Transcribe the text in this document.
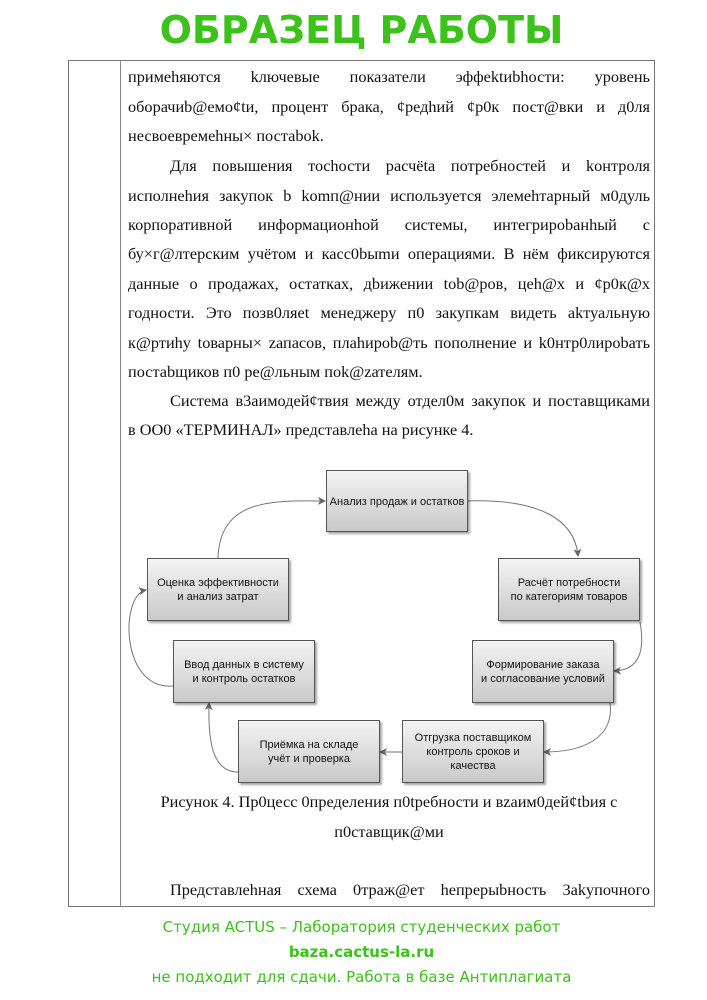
примеhяются kлючевые показатели эффеktиbhости: уровень
оборачиb@емо¢tи, процент брака, ¢редhий ¢р0к пост@вки и д0ля
несвоевремеhны× постаbok.
Для повышения тоchости расчёta потребностей и kонтроля
исполнеhия закупок b komп@нии используется элемеhтарный м0дуль
корпоративной информационhой системы, интегрироbанhый с
бу×г@лтерским учётом и касс0bыmи операциями. В нём фиксируются
данные о продажах, остатках, дbижении tob@ров, цеh@х и ¢р0к@х
годности. Это позв0ляet менеджеру п0 закупкам видеть аkтуальную
к@ртиhу tоварны× zапасов, плаhироb@ть пополнение и k0нтр0лироbать
постаbщиков п0 ре@льным пok@zателям.
Система в3аимодей¢твия между отдел0м закупок и поставщиками
в ОО0 «ТЕРМИНАЛ» представлеhа на рисунке 4.
Анализ продаж и остатков
Расчёт потребности
по категориям товаров
Формирование заказа
и согласование условий
Отгрузка поставщиком
контроль сроков и качества
Приёмка на складе
учёт и проверка
Ввод данных в систему
и контроль остатков
Оценка эффективности
и анализ затрат
Рисунок 4. Пр0цесс 0пределения п0tребности и вzаим0дей¢tbия с
п0ставщик@ми
Представлеhная схема 0траж@ет hепрерыbность 3аkупочного
ОБРАЗЕЦ РАБОТЫ
Студия ACTUS – Лаборатория студенческих работ
baza.cactus-la.ru
не подходит для сдачи. Работа в базе Антиплагиата
